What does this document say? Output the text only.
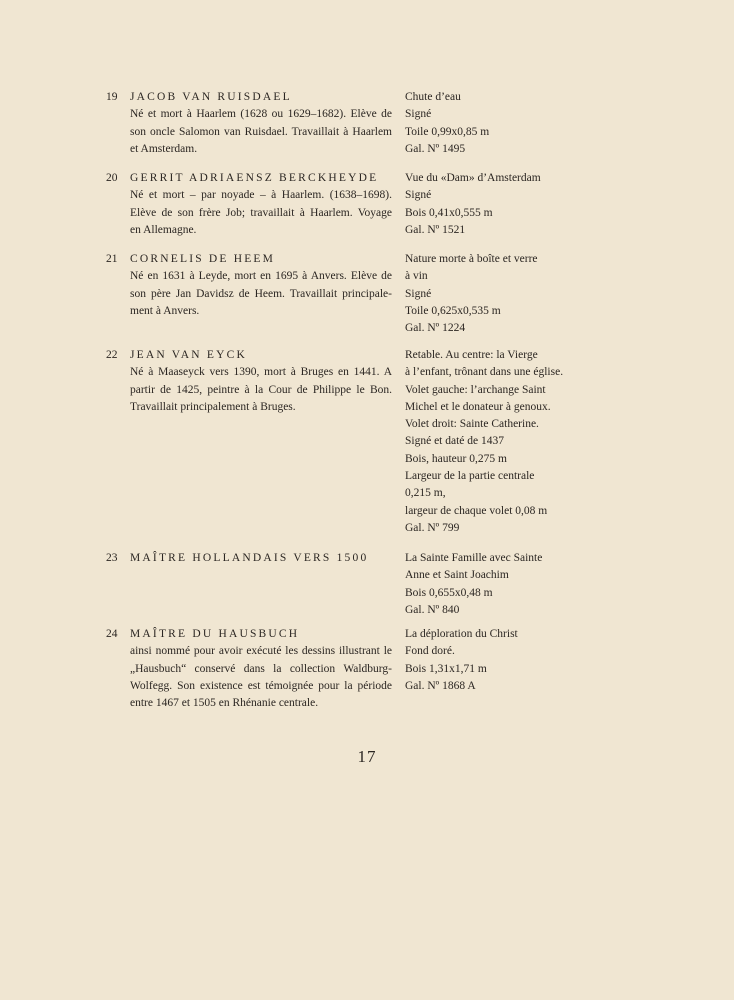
19 JACOB VAN RUISDAEL
Né et mort à Haarlem (1628 ou 1629–1682). Elève de
son oncle Salomon van Ruisdael. Travaillait à Haarlem
et Amsterdam.
Chute d’eau
Signé
Toile 0,99x0,85 m
Gal. Nº 1495
20 GERRIT ADRIAENSZ BERCKHEYDE
Né et mort – par noyade – à Haarlem. (1638–1698).
Elève de son frère Job; travaillait à Haarlem. Voyage
en Allemagne.
Vue du «Dam» d’Amsterdam
Signé
Bois 0,41x0,555 m
Gal. Nº 1521
21 CORNELIS DE HEEM
Né en 1631 à Leyde, mort en 1695 à Anvers. Elève de
son père Jan Davidsz de Heem. Travaillait principale-
ment à Anvers.
Nature morte à boîte et verre
à vin
Signé
Toile 0,625x0,535 m
Gal. Nº 1224
22 JEAN VAN EYCK
Né à Maaseyck vers 1390, mort à Bruges en 1441. A
partir de 1425, peintre à la Cour de Philippe le Bon.
Travaillait principalement à Bruges.
Retable. Au centre: la Vierge
à l’enfant, trônant dans une église.
Volet gauche: l’archange Saint
Michel et le donateur à genoux.
Volet droit: Sainte Catherine.
Signé et daté de 1437
Bois, hauteur 0,275 m
Largeur de la partie centrale
0,215 m,
largeur de chaque volet 0,08 m
Gal. Nº 799
23 MAÎTRE HOLLANDAIS VERS 1500	La Sainte Famille avec Sainte
Anne et Saint Joachim
Bois 0,655x0,48 m
Gal. Nº 840
24 MAÎTRE DU HAUSBUCH
ainsi nommé pour avoir exécuté les dessins illustrant le
„Hausbuch“ conservé dans la collection Waldburg-
Wolfegg. Son existence est témoignée pour la période
entre 1467 et 1505 en Rhénanie centrale.
La déploration du Christ
Fond doré.
Bois 1,31x1,71 m
Gal. Nº 1868 A
17
